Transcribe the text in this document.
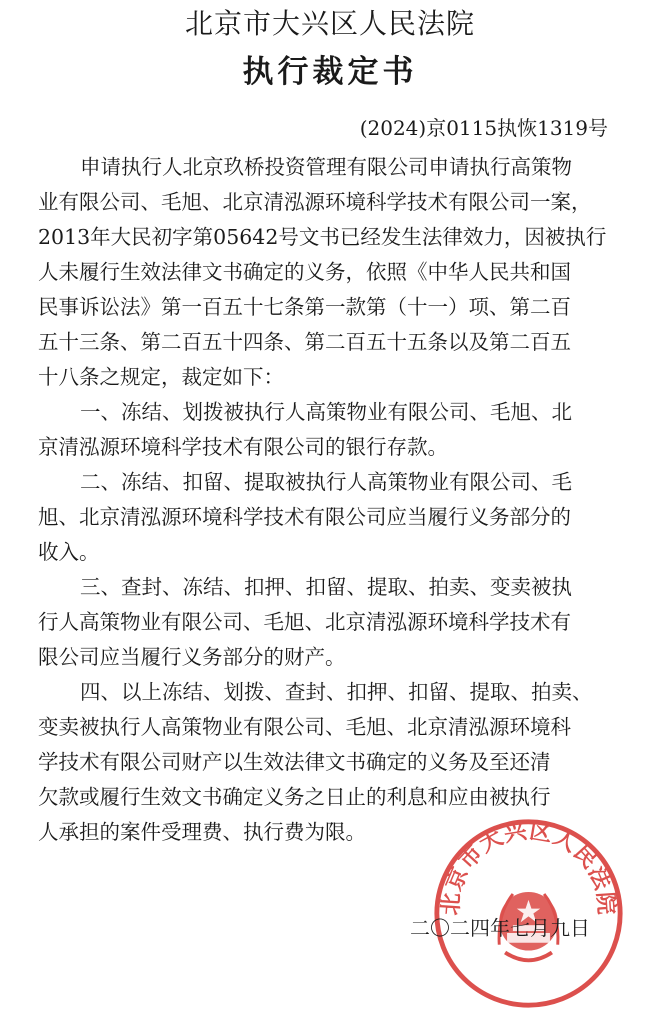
北京市大兴区人民法院
执行裁定书
(2024)京0115执恢1319号
申请执行人北京玖桥投资管理有限公司申请执行高策物
业有限公司、毛旭、北京清泓源环境科学技术有限公司一案，
2013年大民初字第05642号文书已经发生法律效力，因被执行
人未履行生效法律文书确定的义务，依照《中华人民共和国
民事诉讼法》第一百五十七条第一款第（十一）项、第二百
五十三条、第二百五十四条、第二百五十五条以及第二百五
十八条之规定，裁定如下：
一、冻结、划拨被执行人高策物业有限公司、毛旭、北
京清泓源环境科学技术有限公司的银行存款。
二、冻结、扣留、提取被执行人高策物业有限公司、毛
旭、北京清泓源环境科学技术有限公司应当履行义务部分的
收入。
三、查封、冻结、扣押、扣留、提取、拍卖、变卖被执
行人高策物业有限公司、毛旭、北京清泓源环境科学技术有
限公司应当履行义务部分的财产。
四、以上冻结、划拨、查封、扣押、扣留、提取、拍卖、
变卖被执行人高策物业有限公司、毛旭、北京清泓源环境科
学技术有限公司财产以生效法律文书确定的义务及至还清
欠款或履行生效文书确定义务之日止的利息和应由被执行
人承担的案件受理费、执行费为限。
北京市大兴区人民法院
二〇二四年七月九日
